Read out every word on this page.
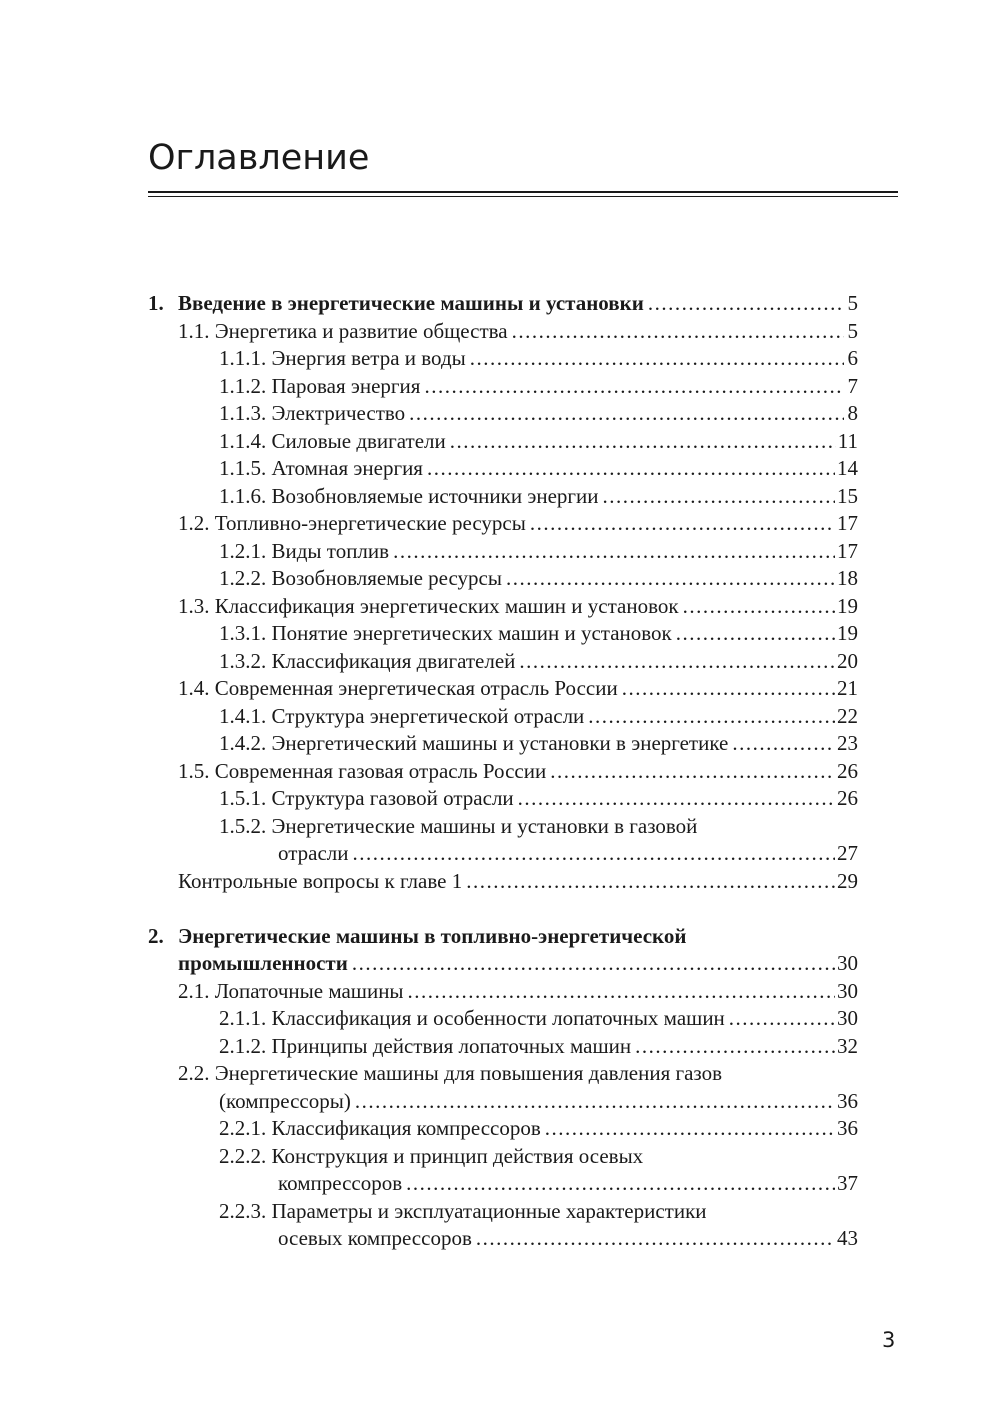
Оглавление
1. Введение в энергетические машины и установки .....	5
1.1. Энергетика и развитие общества .....	5
1.1.1. Энергия ветра и воды .....	6
1.1.2. Паровая энергия .....	7
1.1.3. Электричество .....	8
1.1.4. Силовые двигатели .....	11
1.1.5. Атомная энергия .....	14
1.1.6. Возобновляемые источники энергии .....	15
1.2. Топливно-энергетические ресурсы .....	17
1.2.1. Виды топлив .....	17
1.2.2. Возобновляемые ресурсы .....	18
1.3. Классификация энергетических машин и установок .....	19
1.3.1. Понятие энергетических машин и установок .....	19
1.3.2. Классификация двигателей .....	20
1.4. Современная энергетическая отрасль России .....	21
1.4.1. Структура энергетической отрасли .....	22
1.4.2. Энергетический машины и установки в энергетике .....	23
1.5. Современная газовая отрасль России .....	26
1.5.1. Структура газовой отрасли .....	26
1.5.2. Энергетические машины и установки в газовой
отрасли .....	27
Контрольные вопросы к главе 1 .....	29
2. Энергетические машины в топливно-энергетической
промышленности .....	30
2.1. Лопаточные машины .....	30
2.1.1. Классификация и особенности лопаточных машин .....	30
2.1.2. Принципы действия лопаточных машин .....	32
2.2. Энергетические машины для повышения давления газов
(компрессоры) .....	36
2.2.1. Классификация компрессоров .....	36
2.2.2. Конструкция и принцип действия осевых
компрессоров .....	37
2.2.3. Параметры и эксплуатационные характеристики
осевых компрессоров .....	43
3
